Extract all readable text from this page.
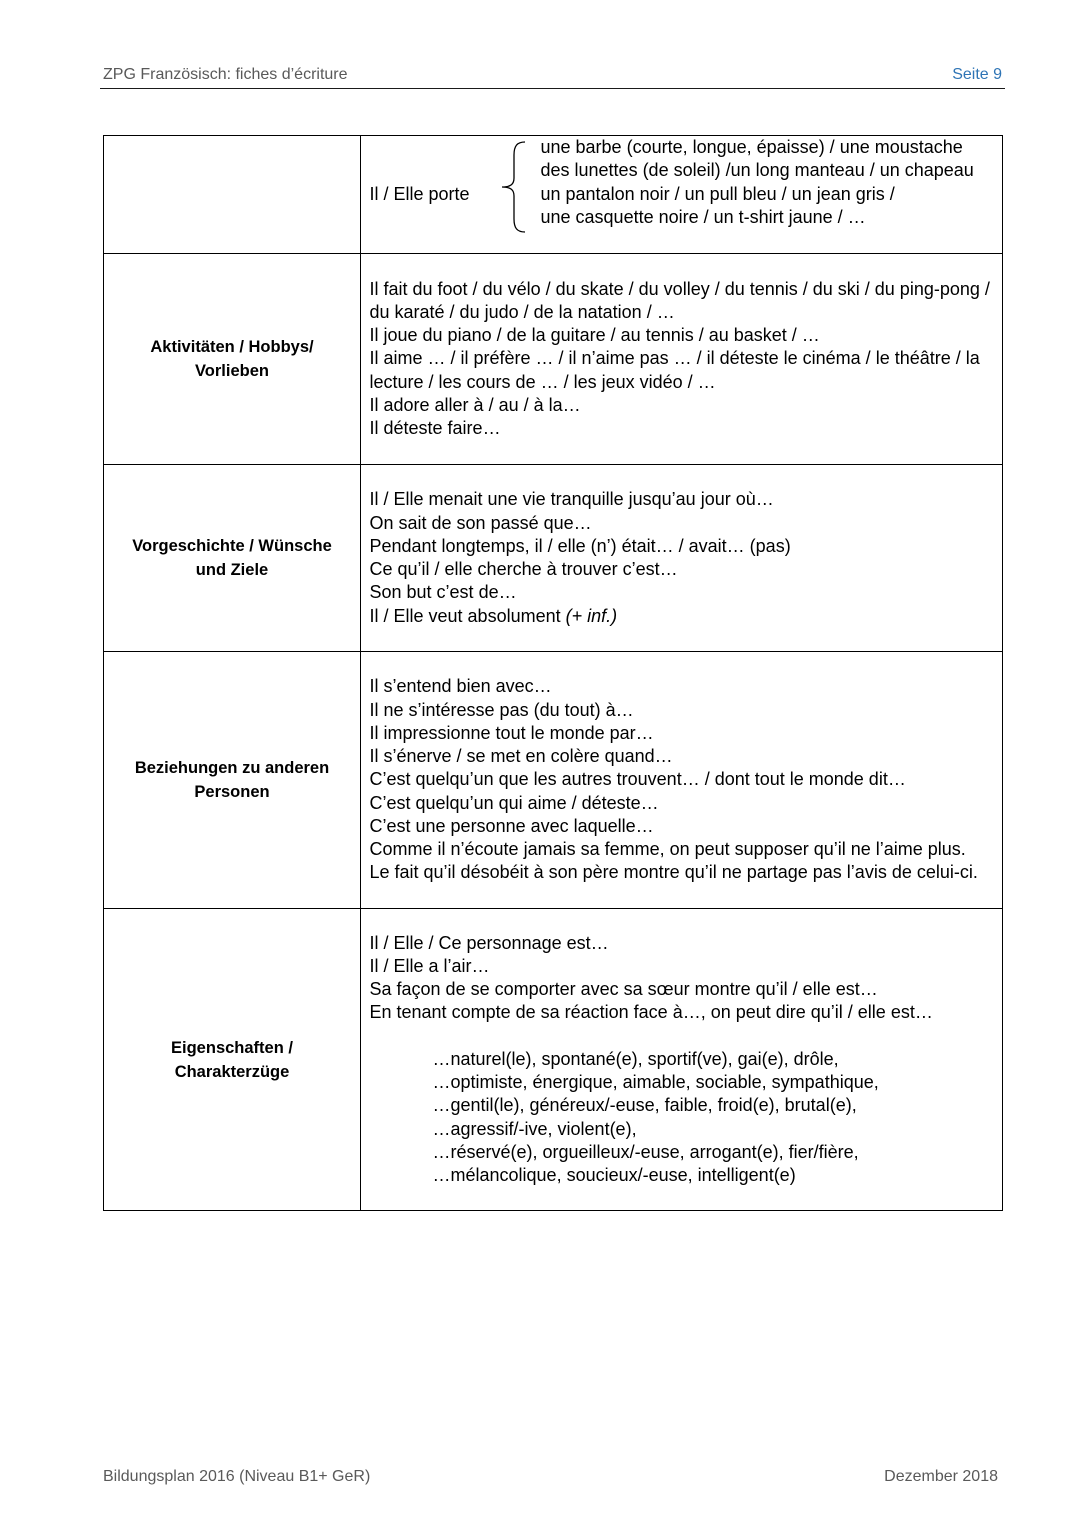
ZPG Französisch: fiches d’écriture	Seite 9
Il / Elle porte
une barbe (courte, longue, épaisse) / une moustache
des lunettes (de soleil) /un long manteau / un chapeau
un pantalon noir / un pull bleu / un jean gris /
une casquette noire / un t-shirt jaune / …
Aktivitäten / Hobbys/
Vorlieben
Il fait du foot / du vélo / du skate / du volley / du tennis / du ski / du ping-pong /
du karaté / du judo / de la natation / …
Il joue du piano / de la guitare / au tennis / au basket / …
Il aime … / il préfère … / il n’aime pas … / il déteste le cinéma / le théâtre / la
lecture / les cours de … / les jeux vidéo / …
Il adore aller à / au / à la…
Il déteste faire…
Vorgeschichte / Wünsche
und Ziele
Il / Elle menait une vie tranquille jusqu’au jour où…
On sait de son passé que…
Pendant longtemps, il / elle (n’) était… / avait… (pas)
Ce qu’il / elle cherche à trouver c’est…
Son but c’est de…
Il / Elle veut absolument (+ inf.)
Beziehungen zu anderen
Personen
Il s’entend bien avec…
Il ne s’intéresse pas (du tout) à…
Il impressionne tout le monde par…
Il s’énerve / se met en colère quand…
C’est quelqu’un que les autres trouvent… / dont tout le monde dit…
C’est quelqu’un qui aime / déteste…
C’est une personne avec laquelle…
Comme il n’écoute jamais sa femme, on peut supposer qu’il ne l’aime plus.
Le fait qu’il désobéit à son père montre qu’il ne partage pas l’avis de celui-ci.
Eigenschaften /
Charakterzüge
Il / Elle / Ce personnage est…
Il / Elle a l’air…
Sa façon de se comporter avec sa sœur montre qu’il / elle est…
En tenant compte de sa réaction face à…, on peut dire qu’il / elle est…
…naturel(le), spontané(e), sportif(ve), gai(e), drôle,
…optimiste, énergique, aimable, sociable, sympathique,
…gentil(le), généreux/-euse, faible, froid(e), brutal(e),
…agressif/-ive, violent(e),
…réservé(e), orgueilleux/-euse, arrogant(e), fier/fière,
…mélancolique, soucieux/-euse, intelligent(e)
Bildungsplan 2016 (Niveau B1+ GeR)	Dezember 2018
